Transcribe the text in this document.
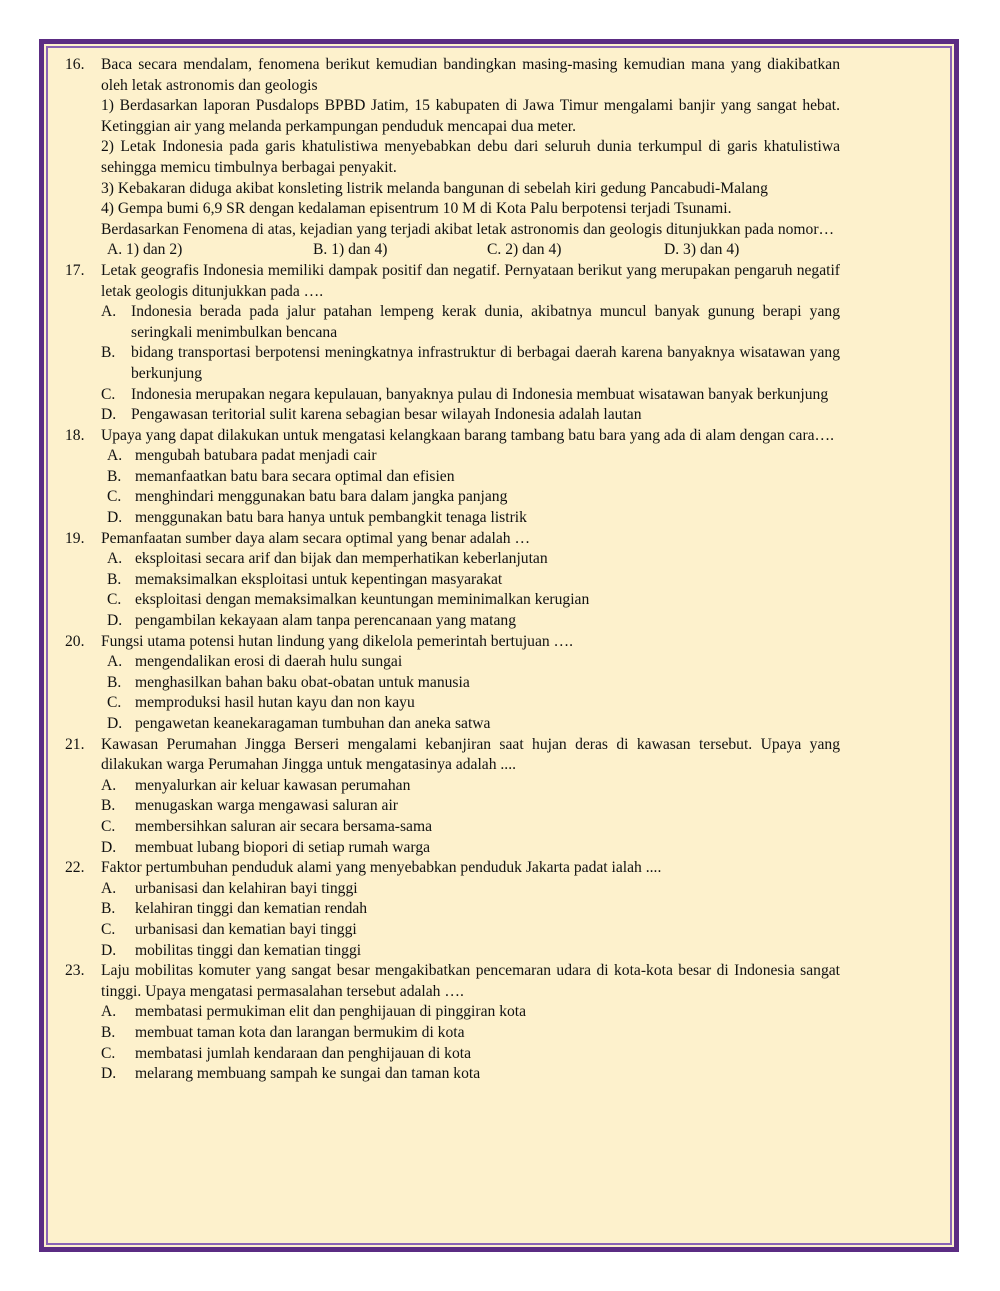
16.	Baca secara mendalam, fenomena berikut kemudian bandingkan masing-masing kemudian mana yang diakibatkan oleh letak astronomis dan geologis
1) Berdasarkan laporan Pusdalops BPBD Jatim, 15 kabupaten di Jawa Timur mengalami banjir yang sangat hebat. Ketinggian air yang melanda perkampungan penduduk mencapai dua meter.
2) Letak Indonesia pada garis khatulistiwa menyebabkan debu dari seluruh dunia terkumpul di garis khatulistiwa sehingga memicu timbulnya berbagai penyakit.
3) Kebakaran diduga akibat konsleting listrik melanda bangunan di sebelah kiri gedung Pancabudi-Malang
4) Gempa bumi 6,9 SR dengan kedalaman episentrum 10 M di Kota Palu berpotensi terjadi Tsunami.
Berdasarkan Fenomena di atas, kejadian yang terjadi akibat letak astronomis dan geologis ditunjukkan pada nomor…
A. 1) dan 2)	B. 1) dan 4)	C. 2) dan 4)	D. 3) dan 4)
17.	Letak geografis Indonesia memiliki dampak positif dan negatif. Pernyataan berikut yang merupakan pengaruh negatif letak geologis ditunjukkan pada ….
A. Indonesia berada pada jalur patahan lempeng kerak dunia, akibatnya muncul banyak gunung berapi yang seringkali menimbulkan bencana
B.	bidang transportasi berpotensi meningkatnya infrastruktur di berbagai daerah karena banyaknya wisatawan yang berkunjung
C.	Indonesia merupakan negara kepulauan, banyaknya pulau di Indonesia membuat wisatawan banyak berkunjung
D. Pengawasan teritorial sulit karena sebagian besar wilayah Indonesia adalah lautan
18.	Upaya yang dapat dilakukan untuk mengatasi kelangkaan barang tambang batu bara yang ada di alam dengan cara….
A. mengubah batubara padat menjadi cair
B. memanfaatkan batu bara secara optimal dan efisien
C. menghindari menggunakan batu bara dalam jangka panjang
D. menggunakan batu bara hanya untuk pembangkit tenaga listrik
19.	Pemanfaatan sumber daya alam secara optimal yang benar adalah …
A. eksploitasi secara arif dan bijak dan memperhatikan keberlanjutan
B. memaksimalkan eksploitasi untuk kepentingan masyarakat
C. eksploitasi dengan memaksimalkan keuntungan meminimalkan kerugian
D. pengambilan kekayaan alam tanpa perencanaan yang matang
20.	Fungsi utama potensi hutan lindung yang dikelola pemerintah bertujuan ….
A. mengendalikan erosi di daerah hulu sungai
B. menghasilkan bahan baku obat-obatan untuk manusia
C. memproduksi hasil hutan kayu dan non kayu
D. pengawetan keanekaragaman tumbuhan dan aneka satwa
21.	Kawasan Perumahan Jingga Berseri mengalami kebanjiran saat hujan deras di kawasan tersebut. Upaya yang dilakukan warga Perumahan Jingga untuk mengatasinya adalah ....
A.	menyalurkan air keluar kawasan perumahan
B.	menugaskan warga mengawasi saluran air
C.	membersihkan saluran air secara bersama-sama
D.	membuat lubang biopori di setiap rumah warga
22.	Faktor pertumbuhan penduduk alami yang menyebabkan penduduk Jakarta padat ialah ....
A.	urbanisasi dan kelahiran bayi tinggi
B.	kelahiran tinggi dan kematian rendah
C.	urbanisasi dan kematian bayi tinggi
D.	mobilitas tinggi dan kematian tinggi
23.	Laju mobilitas komuter yang sangat besar mengakibatkan pencemaran udara di kota-kota besar di Indonesia sangat tinggi. Upaya mengatasi permasalahan tersebut adalah ….
A.	membatasi permukiman elit dan penghijauan di pinggiran kota
B.	membuat taman kota dan larangan bermukim di kota
C.	membatasi jumlah kendaraan dan penghijauan di kota
D.	melarang membuang sampah ke sungai dan taman kota
